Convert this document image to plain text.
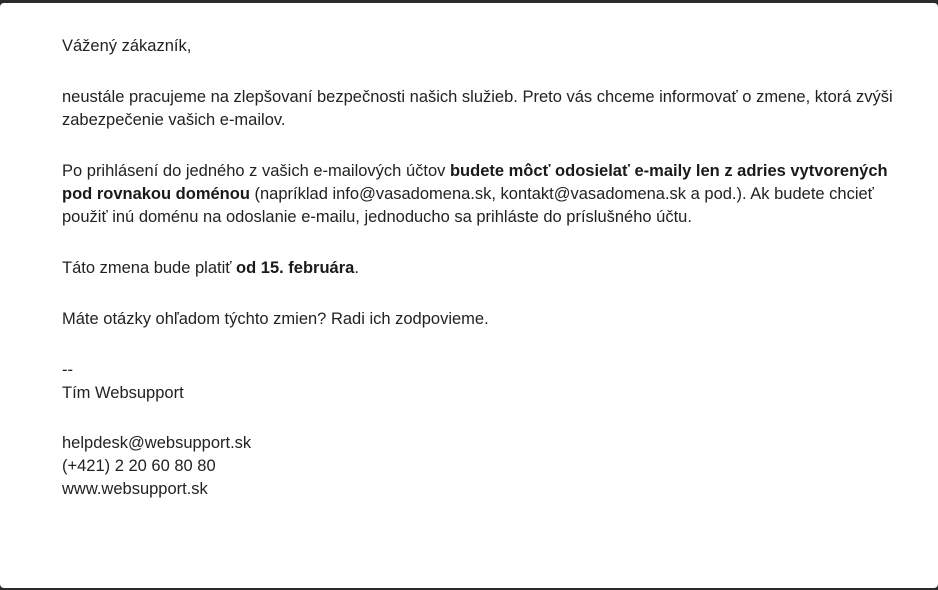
Vážený zákazník,

neustále pracujeme na zlepšovaní bezpečnosti našich služieb. Preto vás chceme informovať o zmene, ktorá zvýši zabezpečenie vašich e-mailov.

Po prihlásení do jedného z vašich e-mailových účtov budete môcť odosielať e-maily len z adries vytvorených pod rovnakou doménou (napríklad info@vasadomena.sk, kontakt@vasadomena.sk a pod.). Ak budete chcieť použiť inú doménu na odoslanie e-mailu, jednoducho sa prihláste do príslušného účtu.

Táto zmena bude platiť od 15. februára.

Máte otázky ohľadom týchto zmien? Radi ich zodpovieme.

--

Tím Websupport

helpdesk@websupport.sk

(+421) 2 20 60 80 80

www.websupport.sk
